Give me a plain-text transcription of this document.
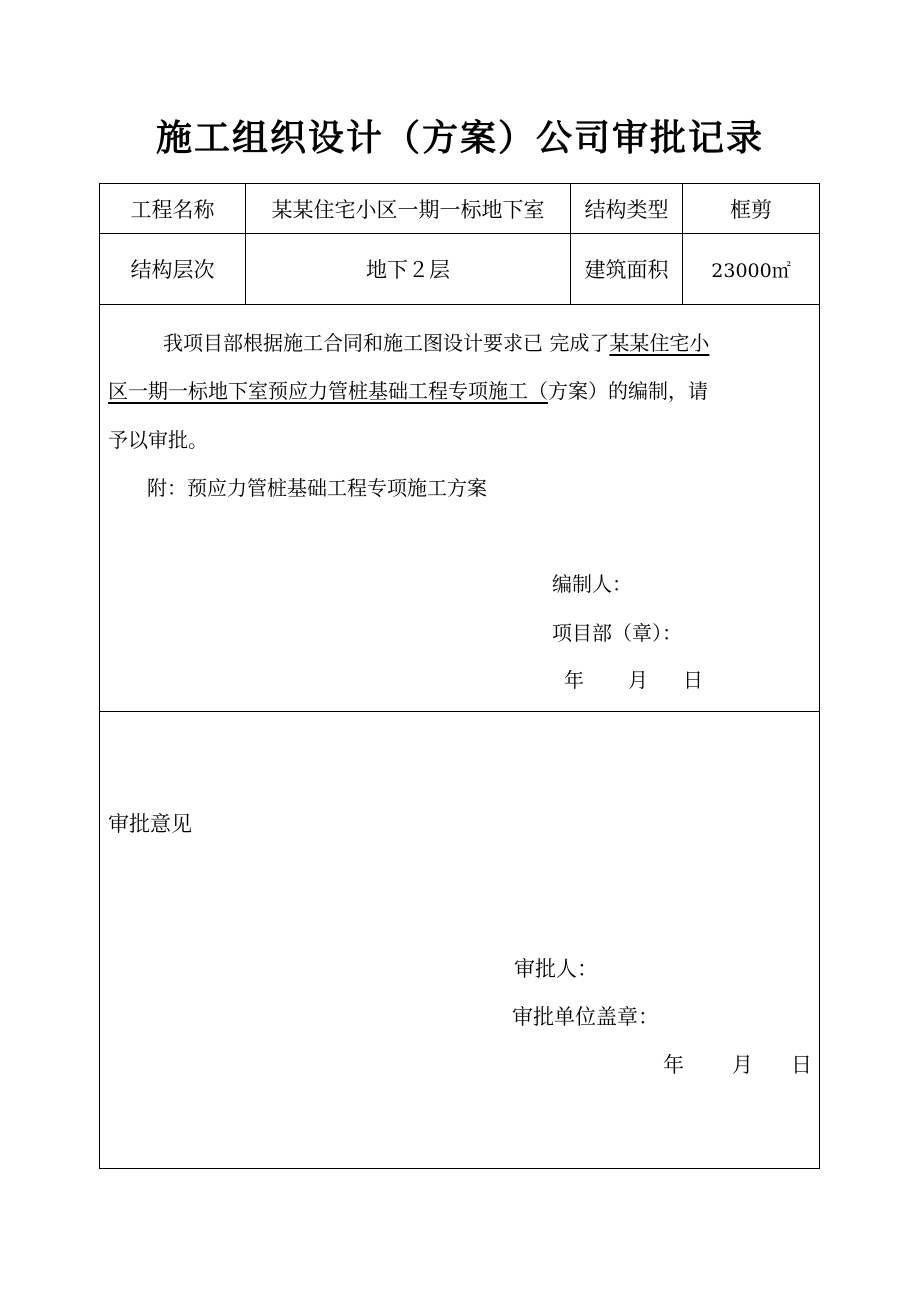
施工组织设计（方案）公司审批记录
工程名称	某某住宅小区一期一标地下室	结构类型	框剪
结构层次	地下２层	建筑面积	23000㎡
我项目部根据施工合同和施工图设计要求已 完成了某某住宅小
区一期一标地下室预应力管桩基础工程专项施工（方案）的编制，请
予以审批。
附：预应力管桩基础工程专项施工方案
编制人：
项目部（章）：
年 月 日
审批意见
审批人：
审批单位盖章：
年 月 日
